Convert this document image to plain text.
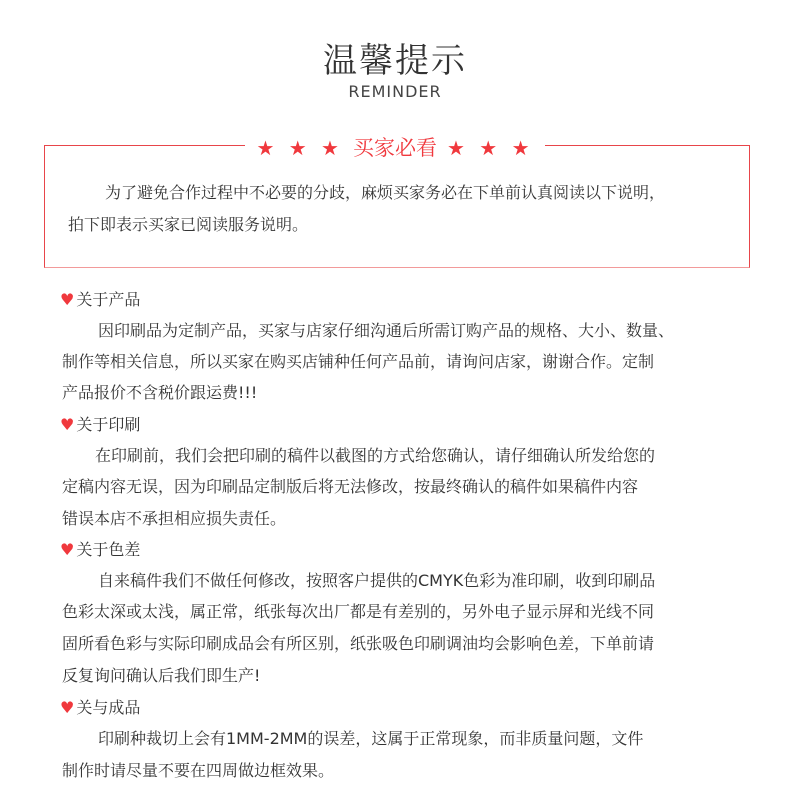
温馨提示
REMINDER
★ ★ ★ 买家必看 ★ ★ ★
为了避免合作过程中不必要的分歧，麻烦买家务必在下单前认真阅读以下说明，
拍下即表示买家已阅读服务说明。
♥ 关于产品
因印刷品为定制产品，买家与店家仔细沟通后所需订购产品的规格、大小、数量、
制作等相关信息，所以买家在购买店铺种任何产品前，请询问店家，谢谢合作。定制
产品报价不含税价跟运费!!!
♥ 关于印刷
在印刷前，我们会把印刷的稿件以截图的方式给您确认，请仔细确认所发给您的
定稿内容无误，因为印刷品定制版后将无法修改，按最终确认的稿件如果稿件内容
错误本店不承担相应损失责任。
♥ 关于色差
自来稿件我们不做任何修改，按照客户提供的CMYK色彩为准印刷，收到印刷品
色彩太深或太浅，属正常，纸张每次出厂都是有差别的，另外电子显示屏和光线不同
固所看色彩与实际印刷成品会有所区别，纸张吸色印刷调油均会影响色差，下单前请
反复询问确认后我们即生产!
♥ 关与成品
印刷种裁切上会有1MM-2MM的误差，这属于正常现象，而非质量问题，文件
制作时请尽量不要在四周做边框效果。
